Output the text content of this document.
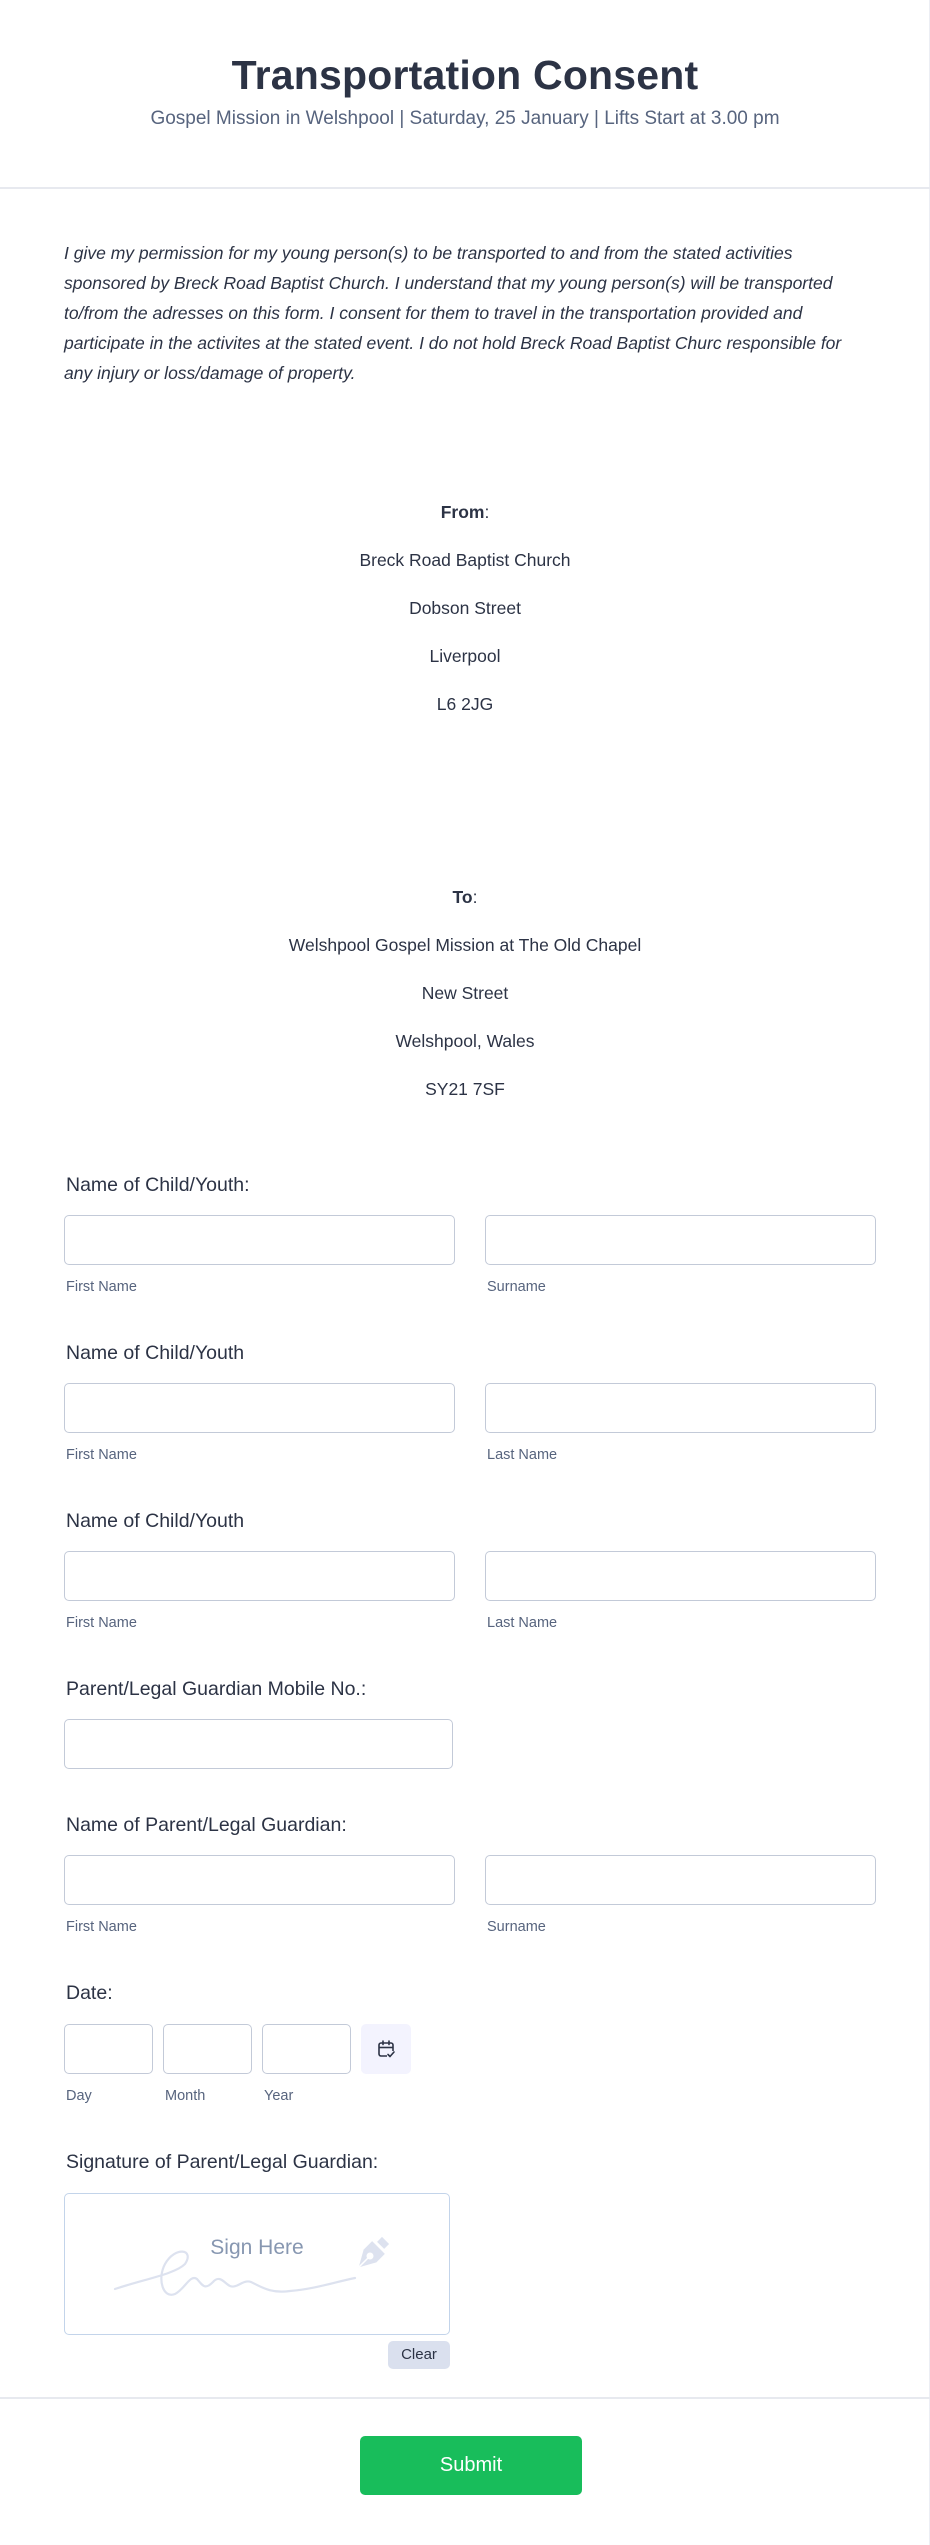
Transportation Consent
Gospel Mission in Welshpool | Saturday, 25 January | Lifts Start at 3.00 pm

I give my permission for my young person(s) to be transported to and from the stated activities sponsored by Breck Road Baptist Church. I understand that my young person(s) will be transported to/from the adresses on this form. I consent for them to travel in the transportation provided and participate in the activites at the stated event. I do not hold Breck Road Baptist Churc responsible for any injury or loss/damage of property.

From:
Breck Road Baptist Church
Dobson Street
Liverpool
L6 2JG
To:
Welshpool Gospel Mission at The Old Chapel
New Street
Welshpool, Wales
SY21 7SF
Name of Child/Youth:
First Name	Surname
Name of Child/Youth
First Name	Last Name
Name of Child/Youth
First Name	Last Name
Parent/Legal Guardian Mobile No.:
Name of Parent/Legal Guardian:
First Name	Surname
Date:
Day	Month	Year
Signature of Parent/Legal Guardian:
Sign Here
Clear
Submit
